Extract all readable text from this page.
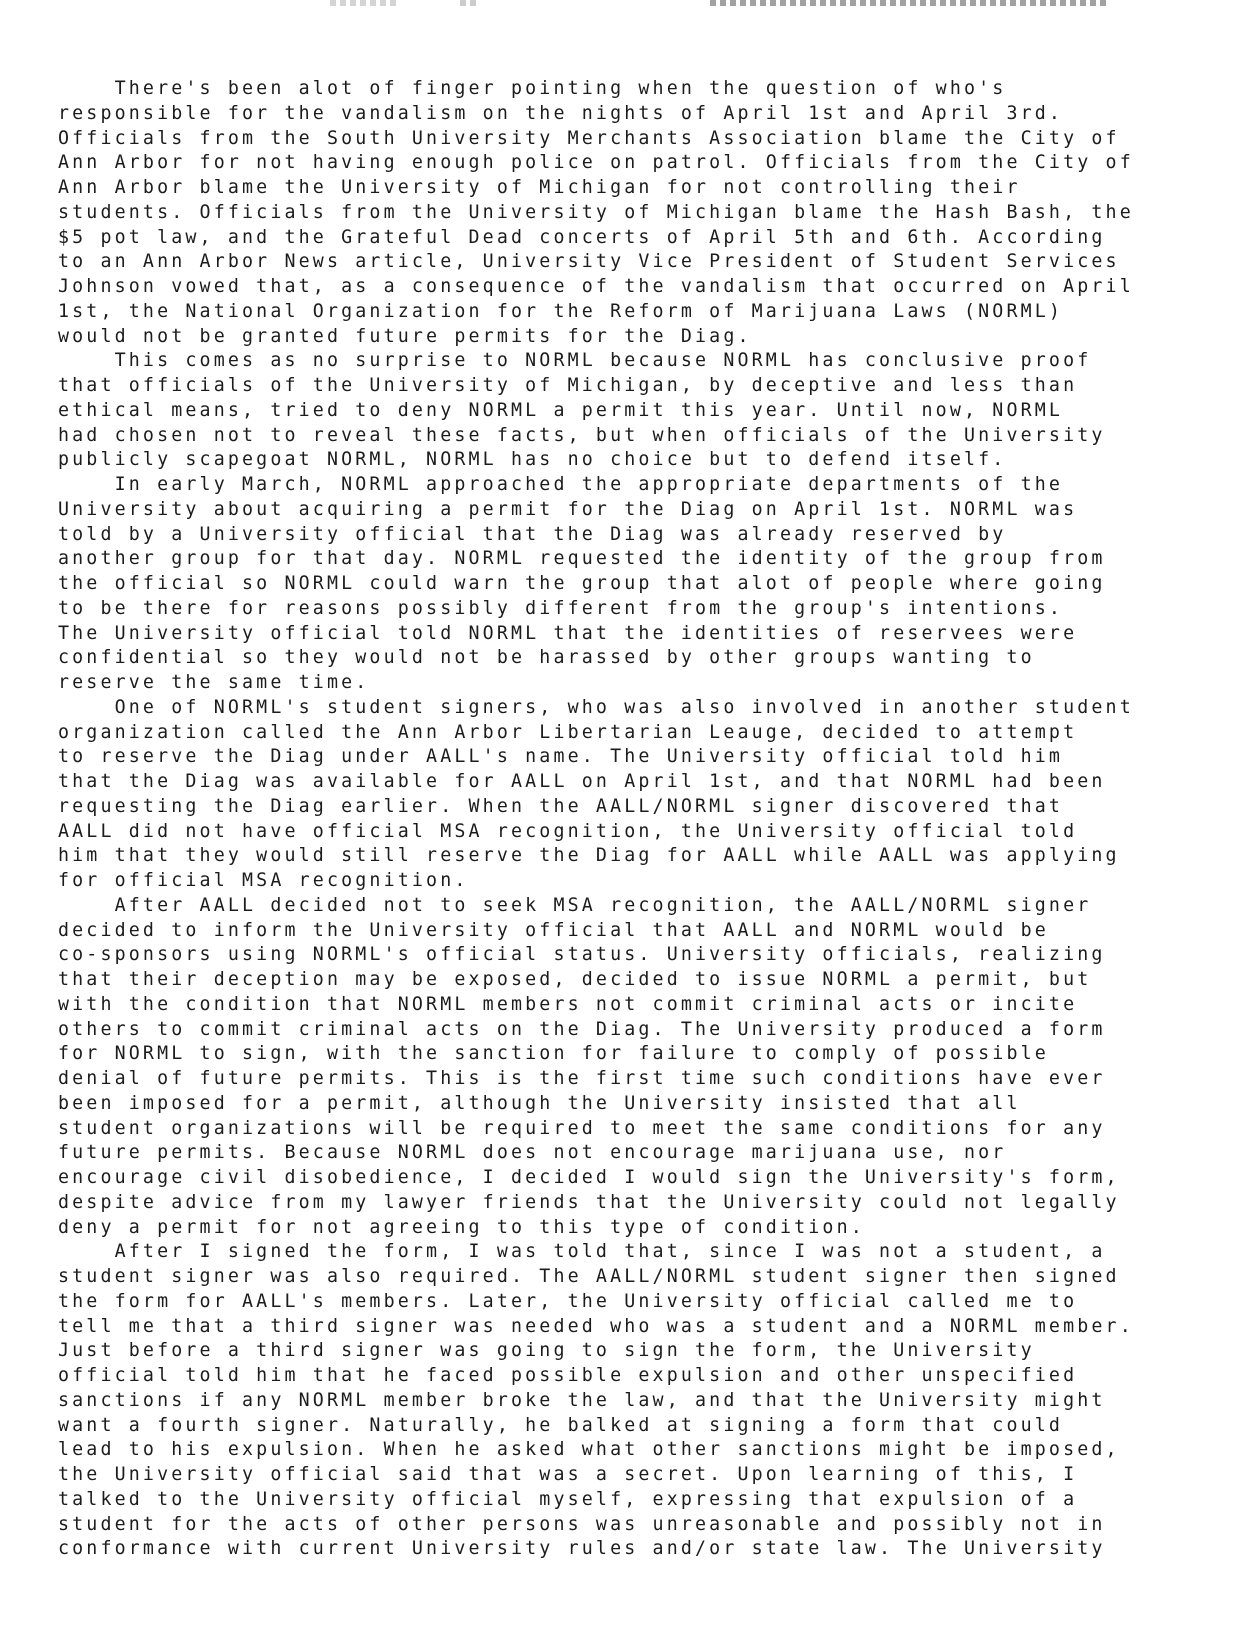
There's been alot of finger pointing when the question of who's
responsible for the vandalism on the nights of April 1st and April 3rd.
Officials from the South University Merchants Association blame the City of
Ann Arbor for not having enough police on patrol. Officials from the City of
Ann Arbor blame the University of Michigan for not controlling their
students. Officials from the University of Michigan blame the Hash Bash, the
$5 pot law, and the Grateful Dead concerts of April 5th and 6th. According
to an Ann Arbor News article, University Vice President of Student Services
Johnson vowed that, as a consequence of the vandalism that occurred on April
1st, the National Organization for the Reform of Marijuana Laws (NORML)
would not be granted future permits for the Diag.
This comes as no surprise to NORML because NORML has conclusive proof
that officials of the University of Michigan, by deceptive and less than
ethical means, tried to deny NORML a permit this year. Until now, NORML
had chosen not to reveal these facts, but when officials of the University
publicly scapegoat NORML, NORML has no choice but to defend itself.
In early March, NORML approached the appropriate departments of the
University about acquiring a permit for the Diag on April 1st. NORML was
told by a University official that the Diag was already reserved by
another group for that day. NORML requested the identity of the group from
the official so NORML could warn the group that alot of people where going
to be there for reasons possibly different from the group's intentions.
The University official told NORML that the identities of reservees were
confidential so they would not be harassed by other groups wanting to
reserve the same time.
One of NORML's student signers, who was also involved in another student
organization called the Ann Arbor Libertarian Leauge, decided to attempt
to reserve the Diag under AALL's name. The University official told him
that the Diag was available for AALL on April 1st, and that NORML had been
requesting the Diag earlier. When the AALL/NORML signer discovered that
AALL did not have official MSA recognition, the University official told
him that they would still reserve the Diag for AALL while AALL was applying
for official MSA recognition.
After AALL decided not to seek MSA recognition, the AALL/NORML signer
decided to inform the University official that AALL and NORML would be
co-sponsors using NORML's official status. University officials, realizing
that their deception may be exposed, decided to issue NORML a permit, but
with the condition that NORML members not commit criminal acts or incite
others to commit criminal acts on the Diag. The University produced a form
for NORML to sign, with the sanction for failure to comply of possible
denial of future permits. This is the first time such conditions have ever
been imposed for a permit, although the University insisted that all
student organizations will be required to meet the same conditions for any
future permits. Because NORML does not encourage marijuana use, nor
encourage civil disobedience, I decided I would sign the University's form,
despite advice from my lawyer friends that the University could not legally
deny a permit for not agreeing to this type of condition.
After I signed the form, I was told that, since I was not a student, a
student signer was also required. The AALL/NORML student signer then signed
the form for AALL's members. Later, the University official called me to
tell me that a third signer was needed who was a student and a NORML member.
Just before a third signer was going to sign the form, the University
official told him that he faced possible expulsion and other unspecified
sanctions if any NORML member broke the law, and that the University might
want a fourth signer. Naturally, he balked at signing a form that could
lead to his expulsion. When he asked what other sanctions might be imposed,
the University official said that was a secret. Upon learning of this, I
talked to the University official myself, expressing that expulsion of a
student for the acts of other persons was unreasonable and possibly not in
conformance with current University rules and/or state law. The University
